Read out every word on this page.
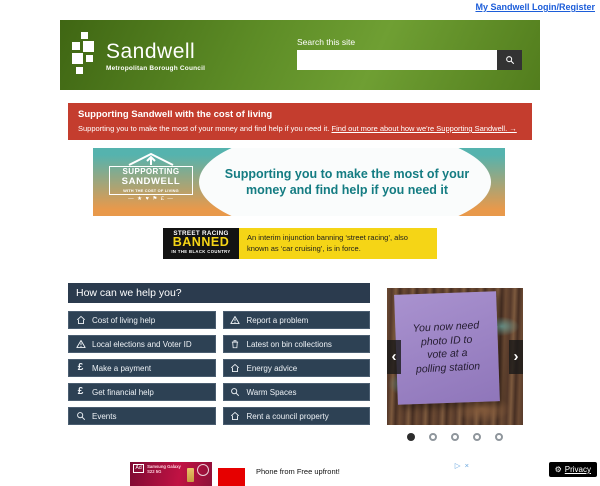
My Sandwell Login/Register
Sandwell
Metropolitan Borough Council
Search this site
Supporting Sandwell with the cost of living
Supporting you to make the most of your money and find help if you need it. Find out more about how we're Supporting Sandwell. →
SUPPORTING
SANDWELL
WITH THE COST OF LIVING
— ★ ♥ ⚑ £ —
Supporting you to make the most of your money and find help if you need it
STREET RACING
BANNED
IN THE BLACK COUNTRY
An interim injunction banning ‘street racing’, also known as ‘car cruising’, is in force.
How can we help you?
Cost of living help	Report a problem
Local elections and Voter ID	Latest on bin collections
£ Make a payment	Energy advice
£ Get financial help	Warm Spaces
Events	Rent a council property
You now need
photo ID to
vote at a
polling station
‹	›
Ad	Samsung Galaxy S22 5G	Phone from Free upfront!
▷ ×	⚙ Privacy
